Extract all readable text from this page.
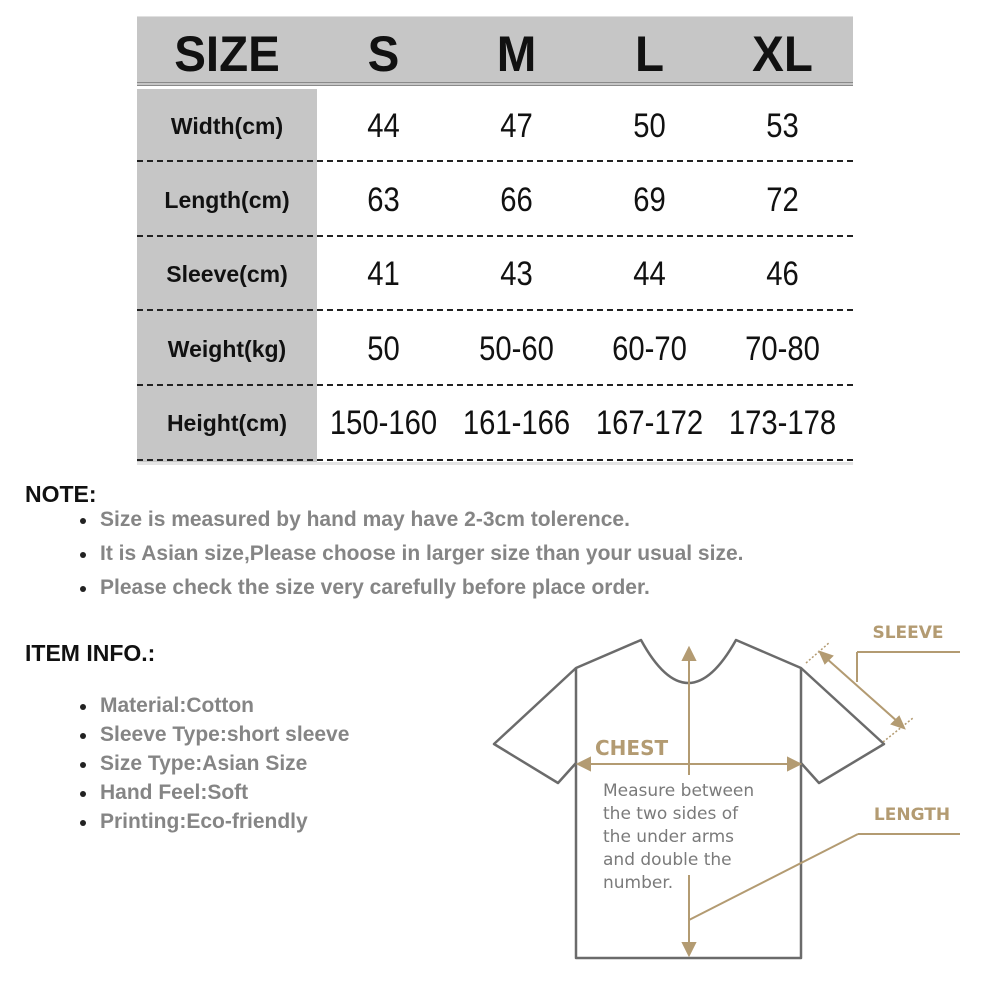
SIZE	S	M	L	XL
Width(cm)	44	47	50	53
Length(cm)	63	66	69	72
Sleeve(cm)	41	43	44	46
Weight(kg)	50	50-60	60-70	70-80
Height(cm)	150-160 161-166 167-172 173-178
NOTE:
Size is measured by hand may have 2-3cm tolerence.
It is Asian size,Please choose in larger size than your usual size.
Please check the size very carefully before place order.
ITEM INFO.:
Material:Cotton
Sleeve Type:short sleeve
Size Type:Asian Size
Hand Feel:Soft
Printing:Eco-friendly
SLEEVE
CHEST
LENGTH
Measure between
the two sides of
the under arms
and double the
number.
